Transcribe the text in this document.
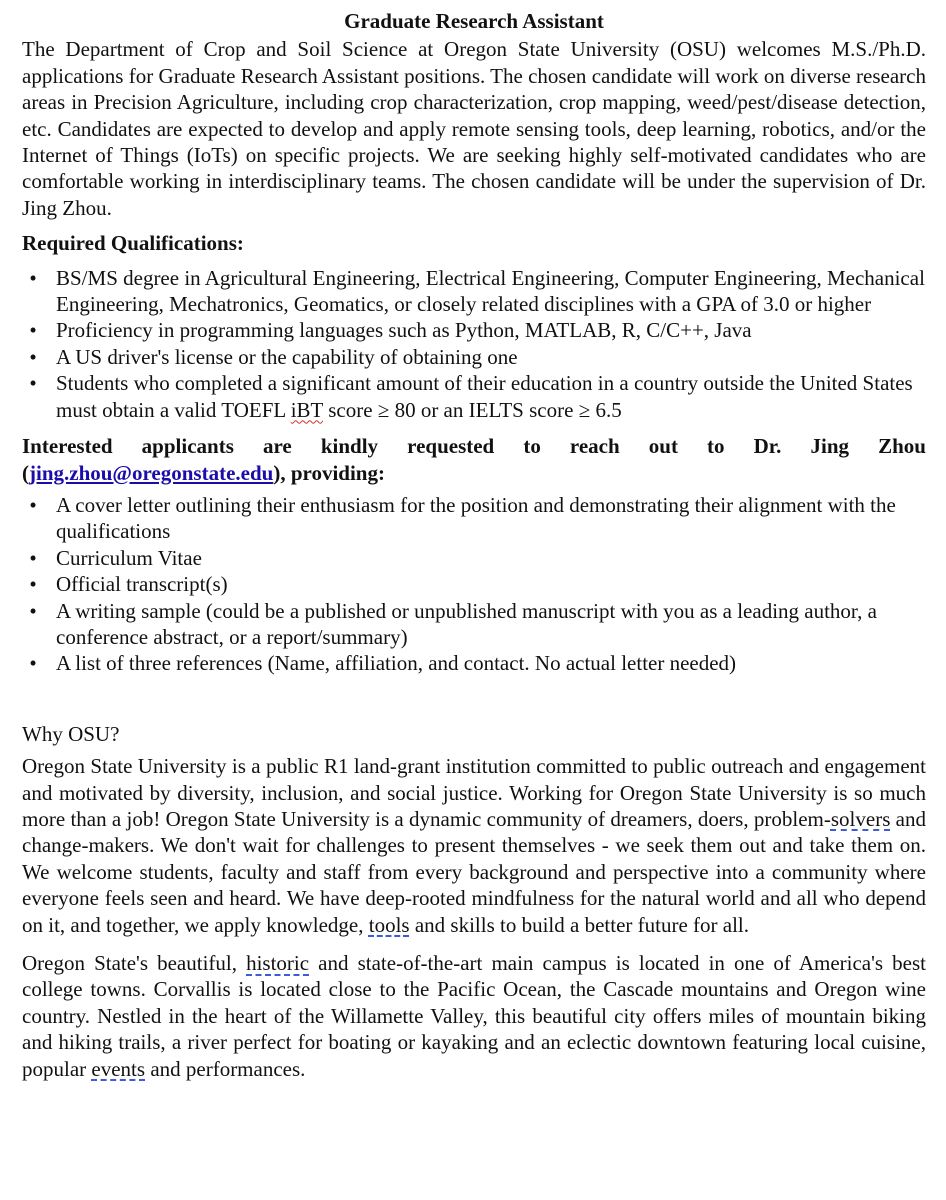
Graduate Research Assistant

The Department of Crop and Soil Science at Oregon State University (OSU) welcomes M.S./Ph.D. applications for Graduate Research Assistant positions. The chosen candidate will work on diverse research areas in Precision Agriculture, including crop characterization, crop mapping, weed/pest/disease detection, etc. Candidates are expected to develop and apply remote sensing tools, deep learning, robotics, and/or the Internet of Things (IoTs) on specific projects. We are seeking highly self-motivated candidates who are comfortable working in interdisciplinary teams. The chosen candidate will be under the supervision of Dr. Jing Zhou.

Required Qualifications:

• BS/MS degree in Agricultural Engineering, Electrical Engineering, Computer Engineering, Mechanical Engineering, Mechatronics, Geomatics, or closely related disciplines with a GPA of 3.0 or higher
• Proficiency in programming languages such as Python, MATLAB, R, C/C++, Java
• A US driver's license or the capability of obtaining one
• Students who completed a significant amount of their education in a country outside the United States must obtain a valid TOEFL iBT score ≥ 80 or an IELTS score ≥ 6.5

Interested applicants are kindly requested to reach out to Dr. Jing Zhou
(jing.zhou@oregonstate.edu), providing:

• A cover letter outlining their enthusiasm for the position and demonstrating their alignment with the qualifications
• Curriculum Vitae
• Official transcript(s)
• A writing sample (could be a published or unpublished manuscript with you as a leading author, a conference abstract, or a report/summary)
• A list of three references (Name, affiliation, and contact. No actual letter needed)

Why OSU?

Oregon State University is a public R1 land-grant institution committed to public outreach and engagement and motivated by diversity, inclusion, and social justice. Working for Oregon State University is so much more than a job! Oregon State University is a dynamic community of dreamers, doers, problem-solvers and change-makers. We don't wait for challenges to present themselves - we seek them out and take them on. We welcome students, faculty and staff from every background and perspective into a community where everyone feels seen and heard. We have deep-rooted mindfulness for the natural world and all who depend on it, and together, we apply knowledge, tools and skills to build a better future for all.

Oregon State's beautiful, historic and state-of-the-art main campus is located in one of America's best college towns. Corvallis is located close to the Pacific Ocean, the Cascade mountains and Oregon wine country. Nestled in the heart of the Willamette Valley, this beautiful city offers miles of mountain biking and hiking trails, a river perfect for boating or kayaking and an eclectic downtown featuring local cuisine, popular events and performances.
